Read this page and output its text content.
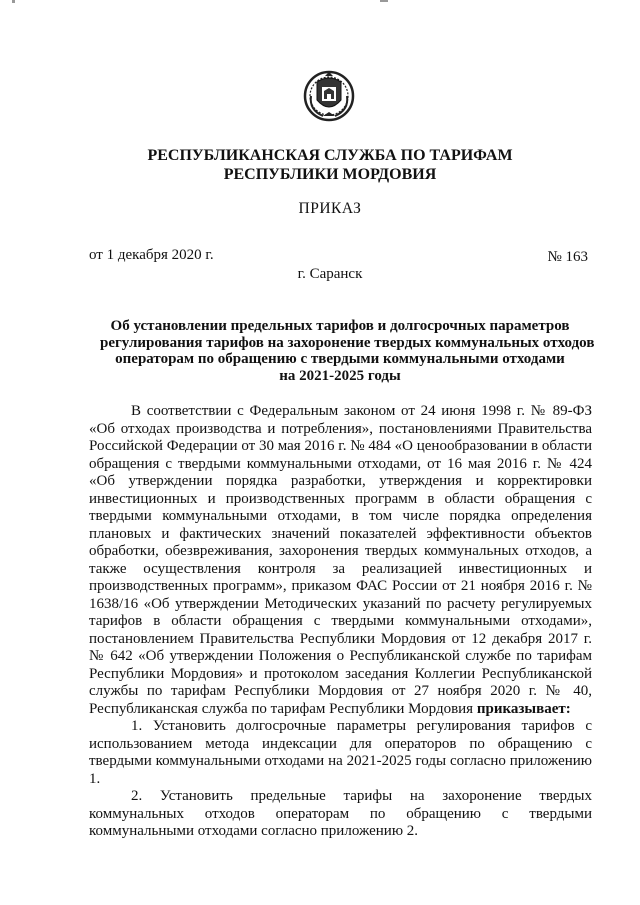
РЕСПУБЛИКАНСКАЯ СЛУЖБА ПО ТАРИФАМ
РЕСПУБЛИКИ МОРДОВИЯ
ПРИКАЗ
от 1 декабря 2020 г.	№ 163
г. Саранск
Об установлении предельных тарифов и долгосрочных параметров
регулирования тарифов на захоронение твердых коммунальных отходов
операторам по обращению с твердыми коммунальными отходами
на 2021-2025 годы

В соответствии с Федеральным законом от 24 июня 1998 г. № 89-ФЗ «Об отходах производства и потребления», постановлениями Правительства Российской Федерации от 30 мая 2016 г. № 484 «О ценообразовании в области обращения с твердыми коммунальными отходами, от 16 мая 2016 г. № 424 «Об утверждении порядка разработки, утверждения и корректировки инвестиционных и производственных программ в области обращения с твердыми коммунальными отходами, в том числе порядка определения плановых и фактических значений показателей эффективности объектов обработки, обезвреживания, захоронения твердых коммунальных отходов, а также осуществления контроля за реализацией инвестиционных и производственных программ», приказом ФАС России от 21 ноября 2016 г. № 1638/16 «Об утверждении Методических указаний по расчету регулируемых тарифов в области обращения с твердыми коммунальными отходами», постановлением Правительства Республики Мордовия от 12 декабря 2017 г. № 642 «Об утверждении Положения о Республиканской службе по тарифам Республики Мордовия» и протоколом заседания Коллегии Республиканской службы по тарифам Республики Мордовия от 27 ноября 2020 г. № 40, Республиканская служба по тарифам Республики Мордовия приказывает:

1. Установить долгосрочные параметры регулирования тарифов с использованием метода индексации для операторов по обращению с твердыми коммунальными отходами на 2021-2025 годы согласно приложению 1.

2. Установить предельные тарифы на захоронение твердых коммунальных отходов операторам по обращению с твердыми коммунальными отходами согласно приложению 2.
